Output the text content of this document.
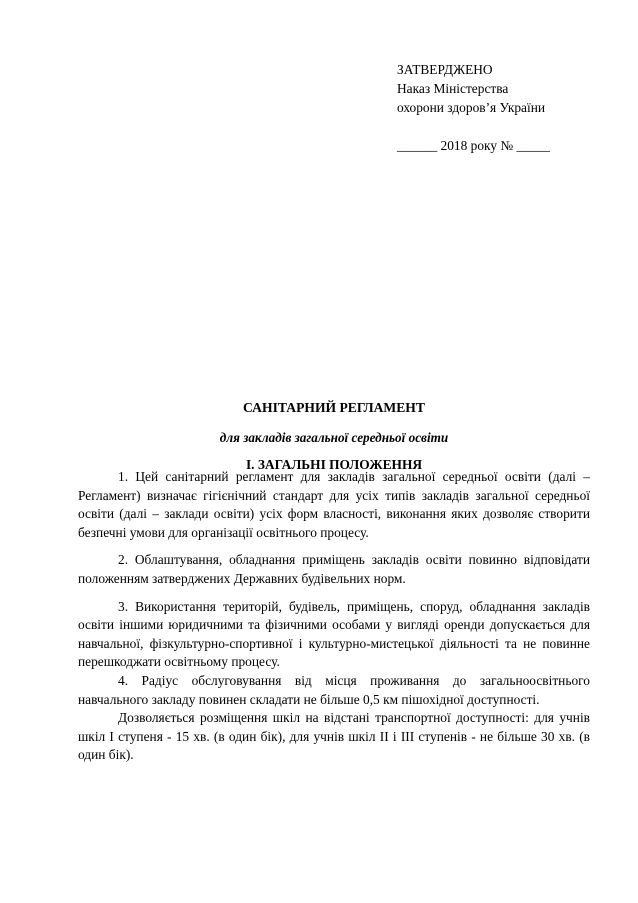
ЗАТВЕРДЖЕНО
Наказ Міністерства
охорони здоров’я України
______ 2018 року № _____

САНІТАРНИЙ РЕГЛАМЕНТ

для закладів загальної середньої освіти

І. ЗАГАЛЬНІ ПОЛОЖЕННЯ

1. Цей санітарний регламент для закладів загальної середньої освіти (далі – Регламент) визначає гігієнічний стандарт для усіх типів закладів загальної середньої освіти (далі – заклади освіти) усіх форм власності, виконання яких дозволяє створити безпечні умови для організації освітнього процесу.

2. Облаштування, обладнання приміщень закладів освіти повинно відповідати положенням затверджених Державних будівельних норм.

3. Використання територій, будівель, приміщень, споруд, обладнання закладів освіти іншими юридичними та фізичними особами у вигляді оренди допускається для навчальної, фізкультурно-спортивної і культурно-мистецької діяльності та не повинне перешкоджати освітньому процесу.

4. Радіус обслуговування від місця проживання до загальноосвітнього навчального закладу повинен складати не більше 0,5 км пішохідної доступності.

Дозволяється розміщення шкіл на відстані транспортної доступності: для учнів шкіл І ступеня - 15 хв. (в один бік), для учнів шкіл ІІ і ІІІ ступенів - не більше 30 хв. (в один бік).
